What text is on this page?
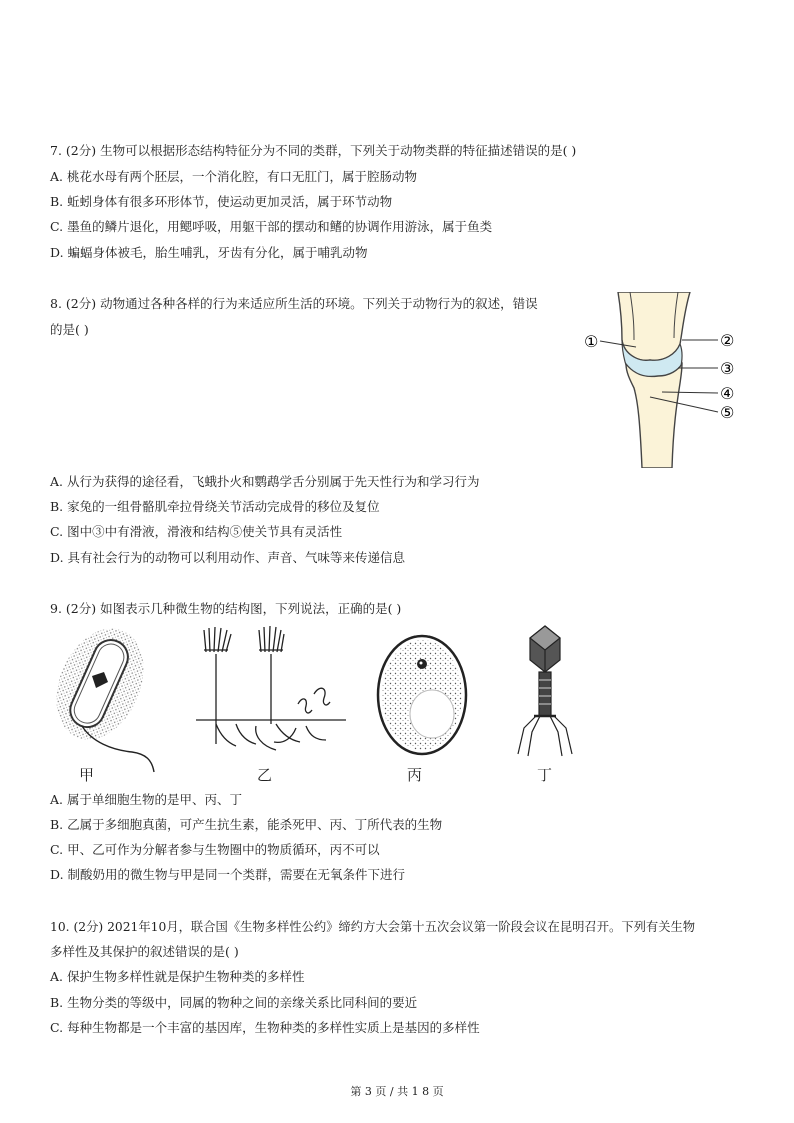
7. (2分) 生物可以根据形态结构特征分为不同的类群，下列关于动物类群的特征描述错误的是( )
A. 桃花水母有两个胚层，一个消化腔，有口无肛门，属于腔肠动物
B. 蚯蚓身体有很多环形体节，使运动更加灵活，属于环节动物
C. 墨鱼的鳞片退化，用鳃呼吸，用躯干部的摆动和鳍的协调作用游泳，属于鱼类
D. 蝙蝠身体被毛，胎生哺乳，牙齿有分化，属于哺乳动物
8. (2分) 动物通过各种各样的行为来适应所生活的环境。下列关于动物行为的叙述，错误
的是( )
①	②
③
④
⑤
A. 从行为获得的途径看，飞蛾扑火和鹦鹉学舌分别属于先天性行为和学习行为
B. 家兔的一组骨骼肌牵拉骨绕关节活动完成骨的移位及复位
C. 图中③中有滑液，滑液和结构⑤使关节具有灵活性
D. 具有社会行为的动物可以利用动作、声音、气味等来传递信息
9. (2分) 如图表示几种微生物的结构图，下列说法，正确的是( )
甲	乙	丙	丁
A. 属于单细胞生物的是甲、丙、丁
B. 乙属于多细胞真菌，可产生抗生素，能杀死甲、丙、丁所代表的生物
C. 甲、乙可作为分解者参与生物圈中的物质循环，丙不可以
D. 制酸奶用的微生物与甲是同一个类群，需要在无氧条件下进行
10. (2分) 2021年10月，联合国《生物多样性公约》缔约方大会第十五次会议第一阶段会议在昆明召开。下列有关生物
多样性及其保护的叙述错误的是( )
A. 保护生物多样性就是保护生物种类的多样性
B. 生物分类的等级中，同属的物种之间的亲缘关系比同科间的要近
C. 每种生物都是一个丰富的基因库，生物种类的多样性实质上是基因的多样性
第 3 页 / 共 1 8 页
